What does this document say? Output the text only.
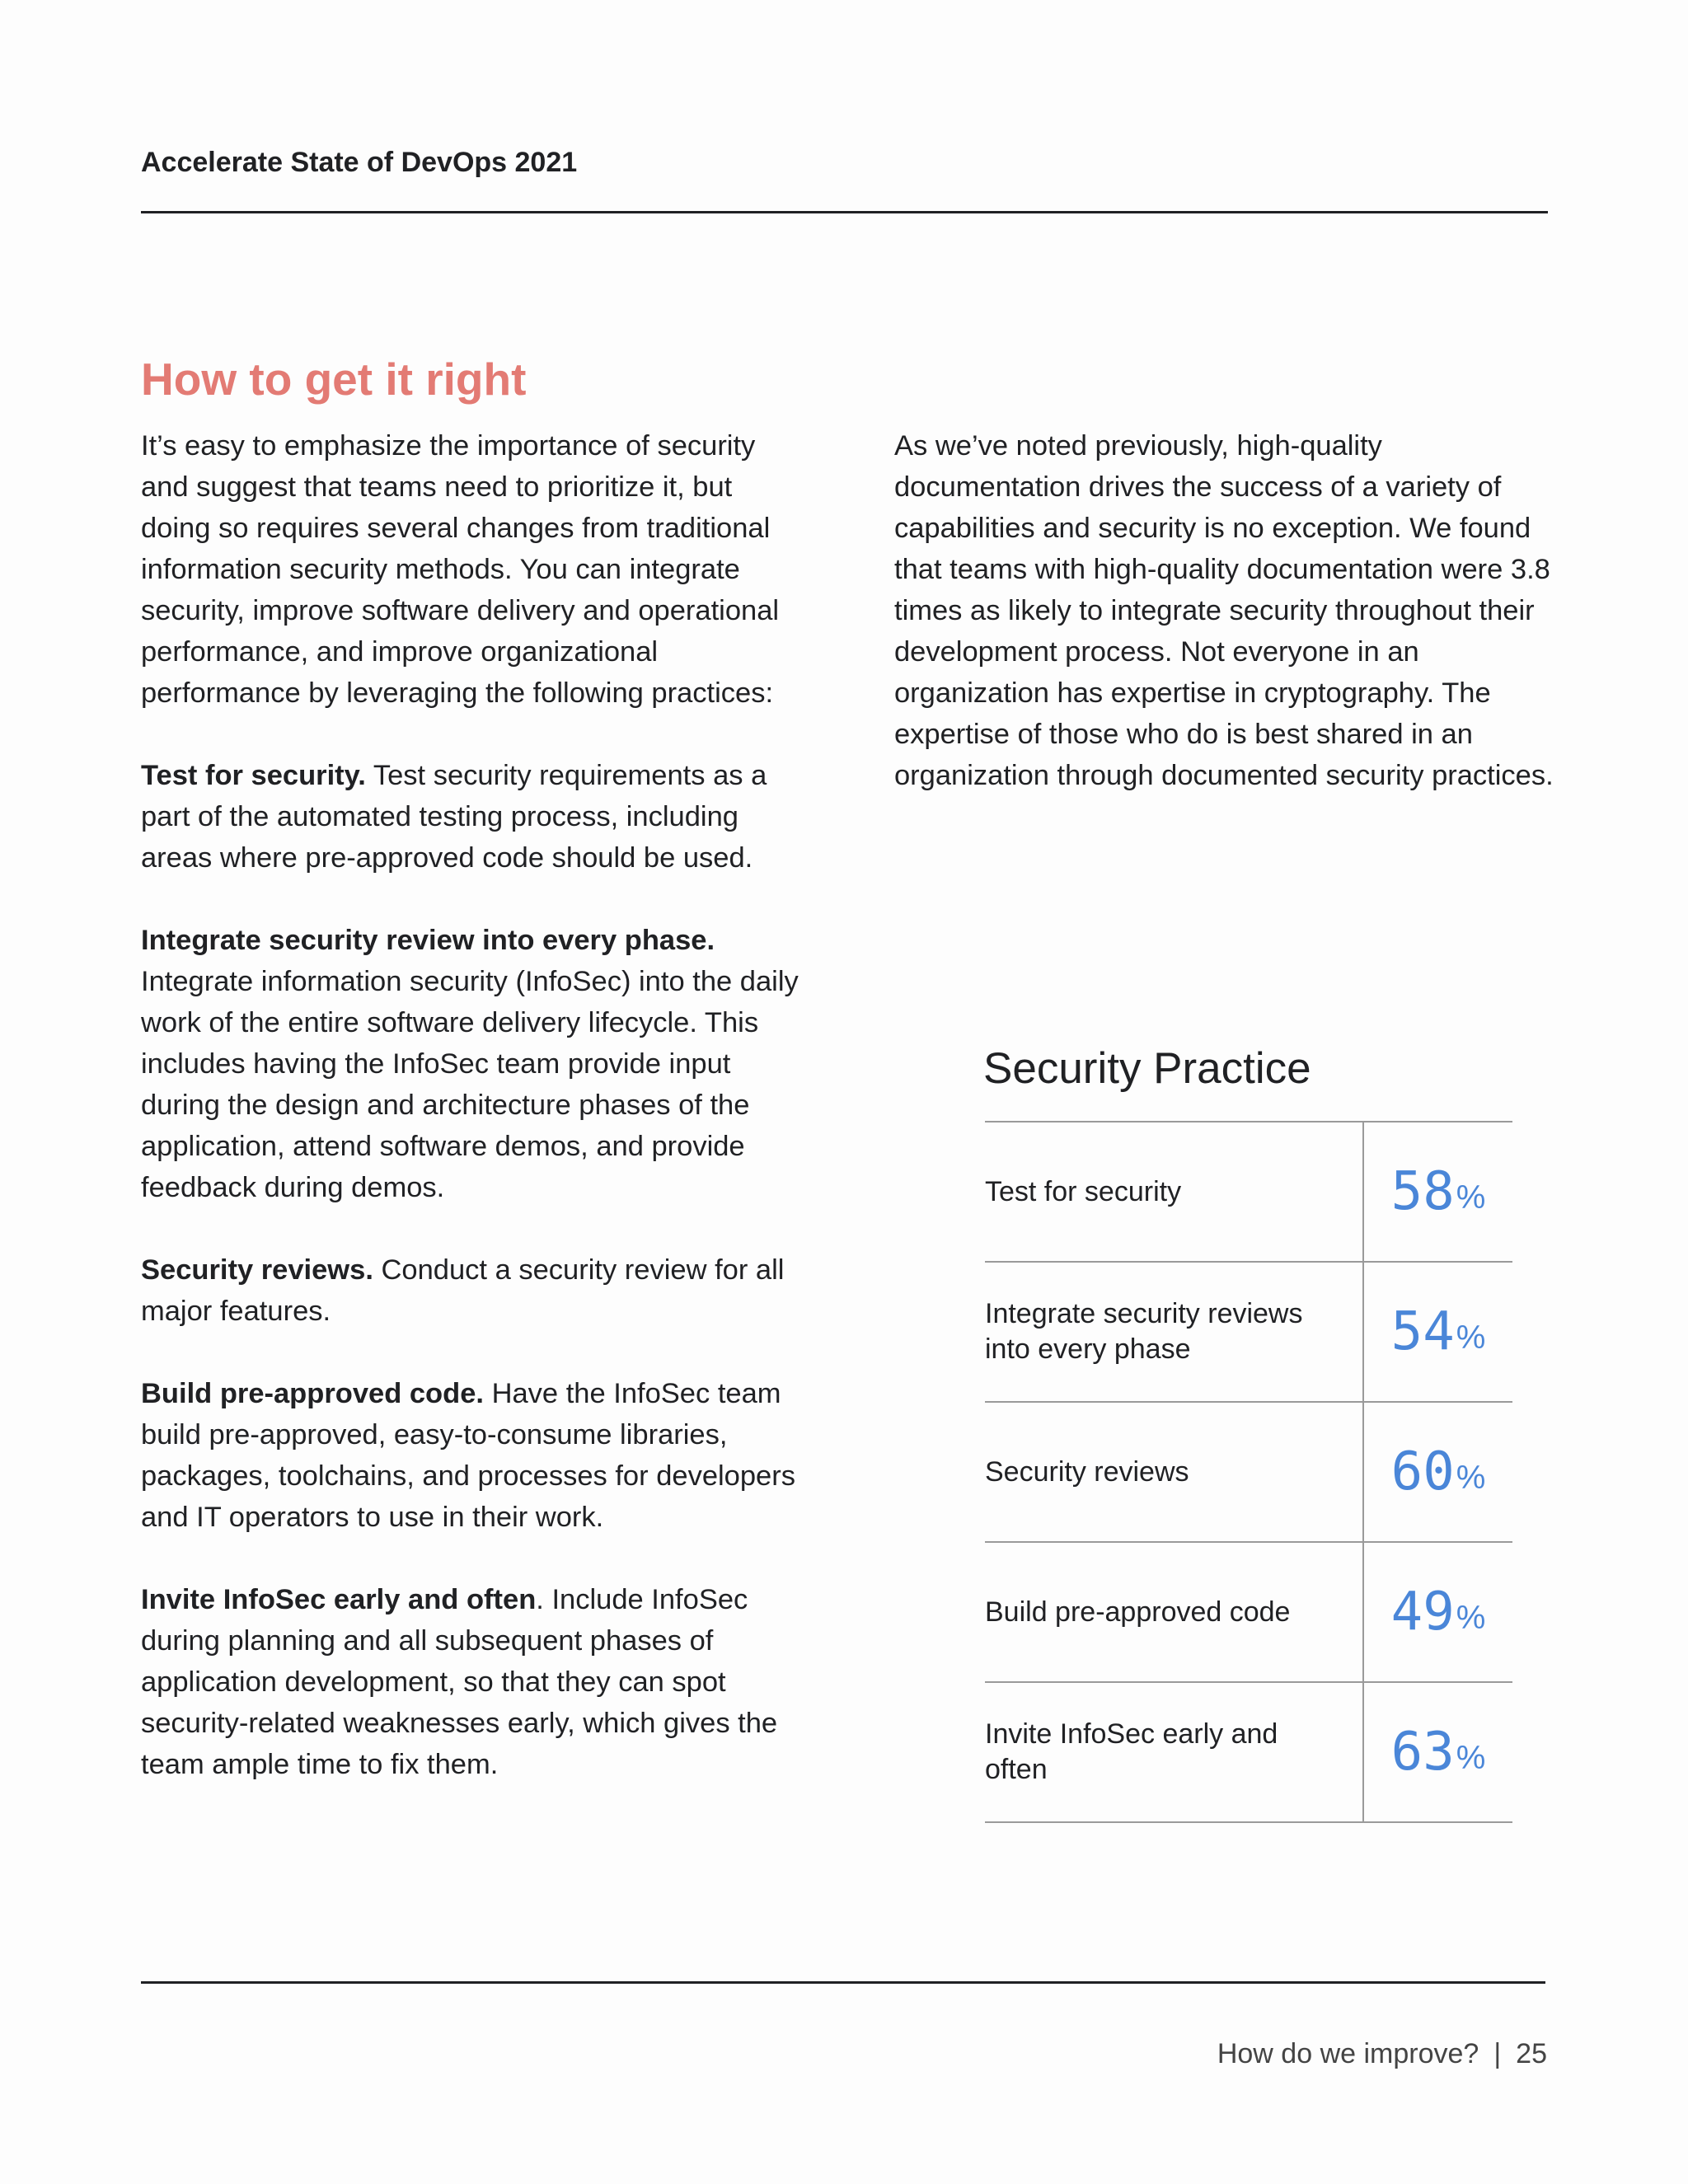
Accelerate State of DevOps 2021
How to get it right

It’s easy to emphasize the importance of security and suggest that teams need to prioritize it, but doing so requires several changes from traditional information security methods. You can integrate security, improve software delivery and operational performance, and improve organizational performance by leveraging the following practices:

Test for security. Test security requirements as a part of the automated testing process, including areas where pre-approved code should be used.

Integrate security review into every phase.
Integrate information security (InfoSec) into the daily work of the entire software delivery lifecycle. This includes having the InfoSec team provide input during the design and architecture phases of the application, attend software demos, and provide feedback during demos.

Security reviews. Conduct a security review for all major features.

Build pre-approved code. Have the InfoSec team build pre-approved, easy-to-consume libraries, packages, toolchains, and processes for developers and IT operators to use in their work.

Invite InfoSec early and often. Include InfoSec during planning and all subsequent phases of application development, so that they can spot security-related weaknesses early, which gives the team ample time to fix them.

As we’ve noted previously, high-quality documentation drives the success of a variety of capabilities and security is no exception. We found that teams with high-quality documentation were 3.8 times as likely to integrate security throughout their development process. Not everyone in an organization has expertise in cryptography. The expertise of those who do is best shared in an organization through documented security practices.

Security Practice
Test for security	58 %
Integrate security reviews into every phase	54 %
Security reviews	60 %
Build pre-approved code	49 %
Invite InfoSec early and often	63 %
How do we improve? | 25
